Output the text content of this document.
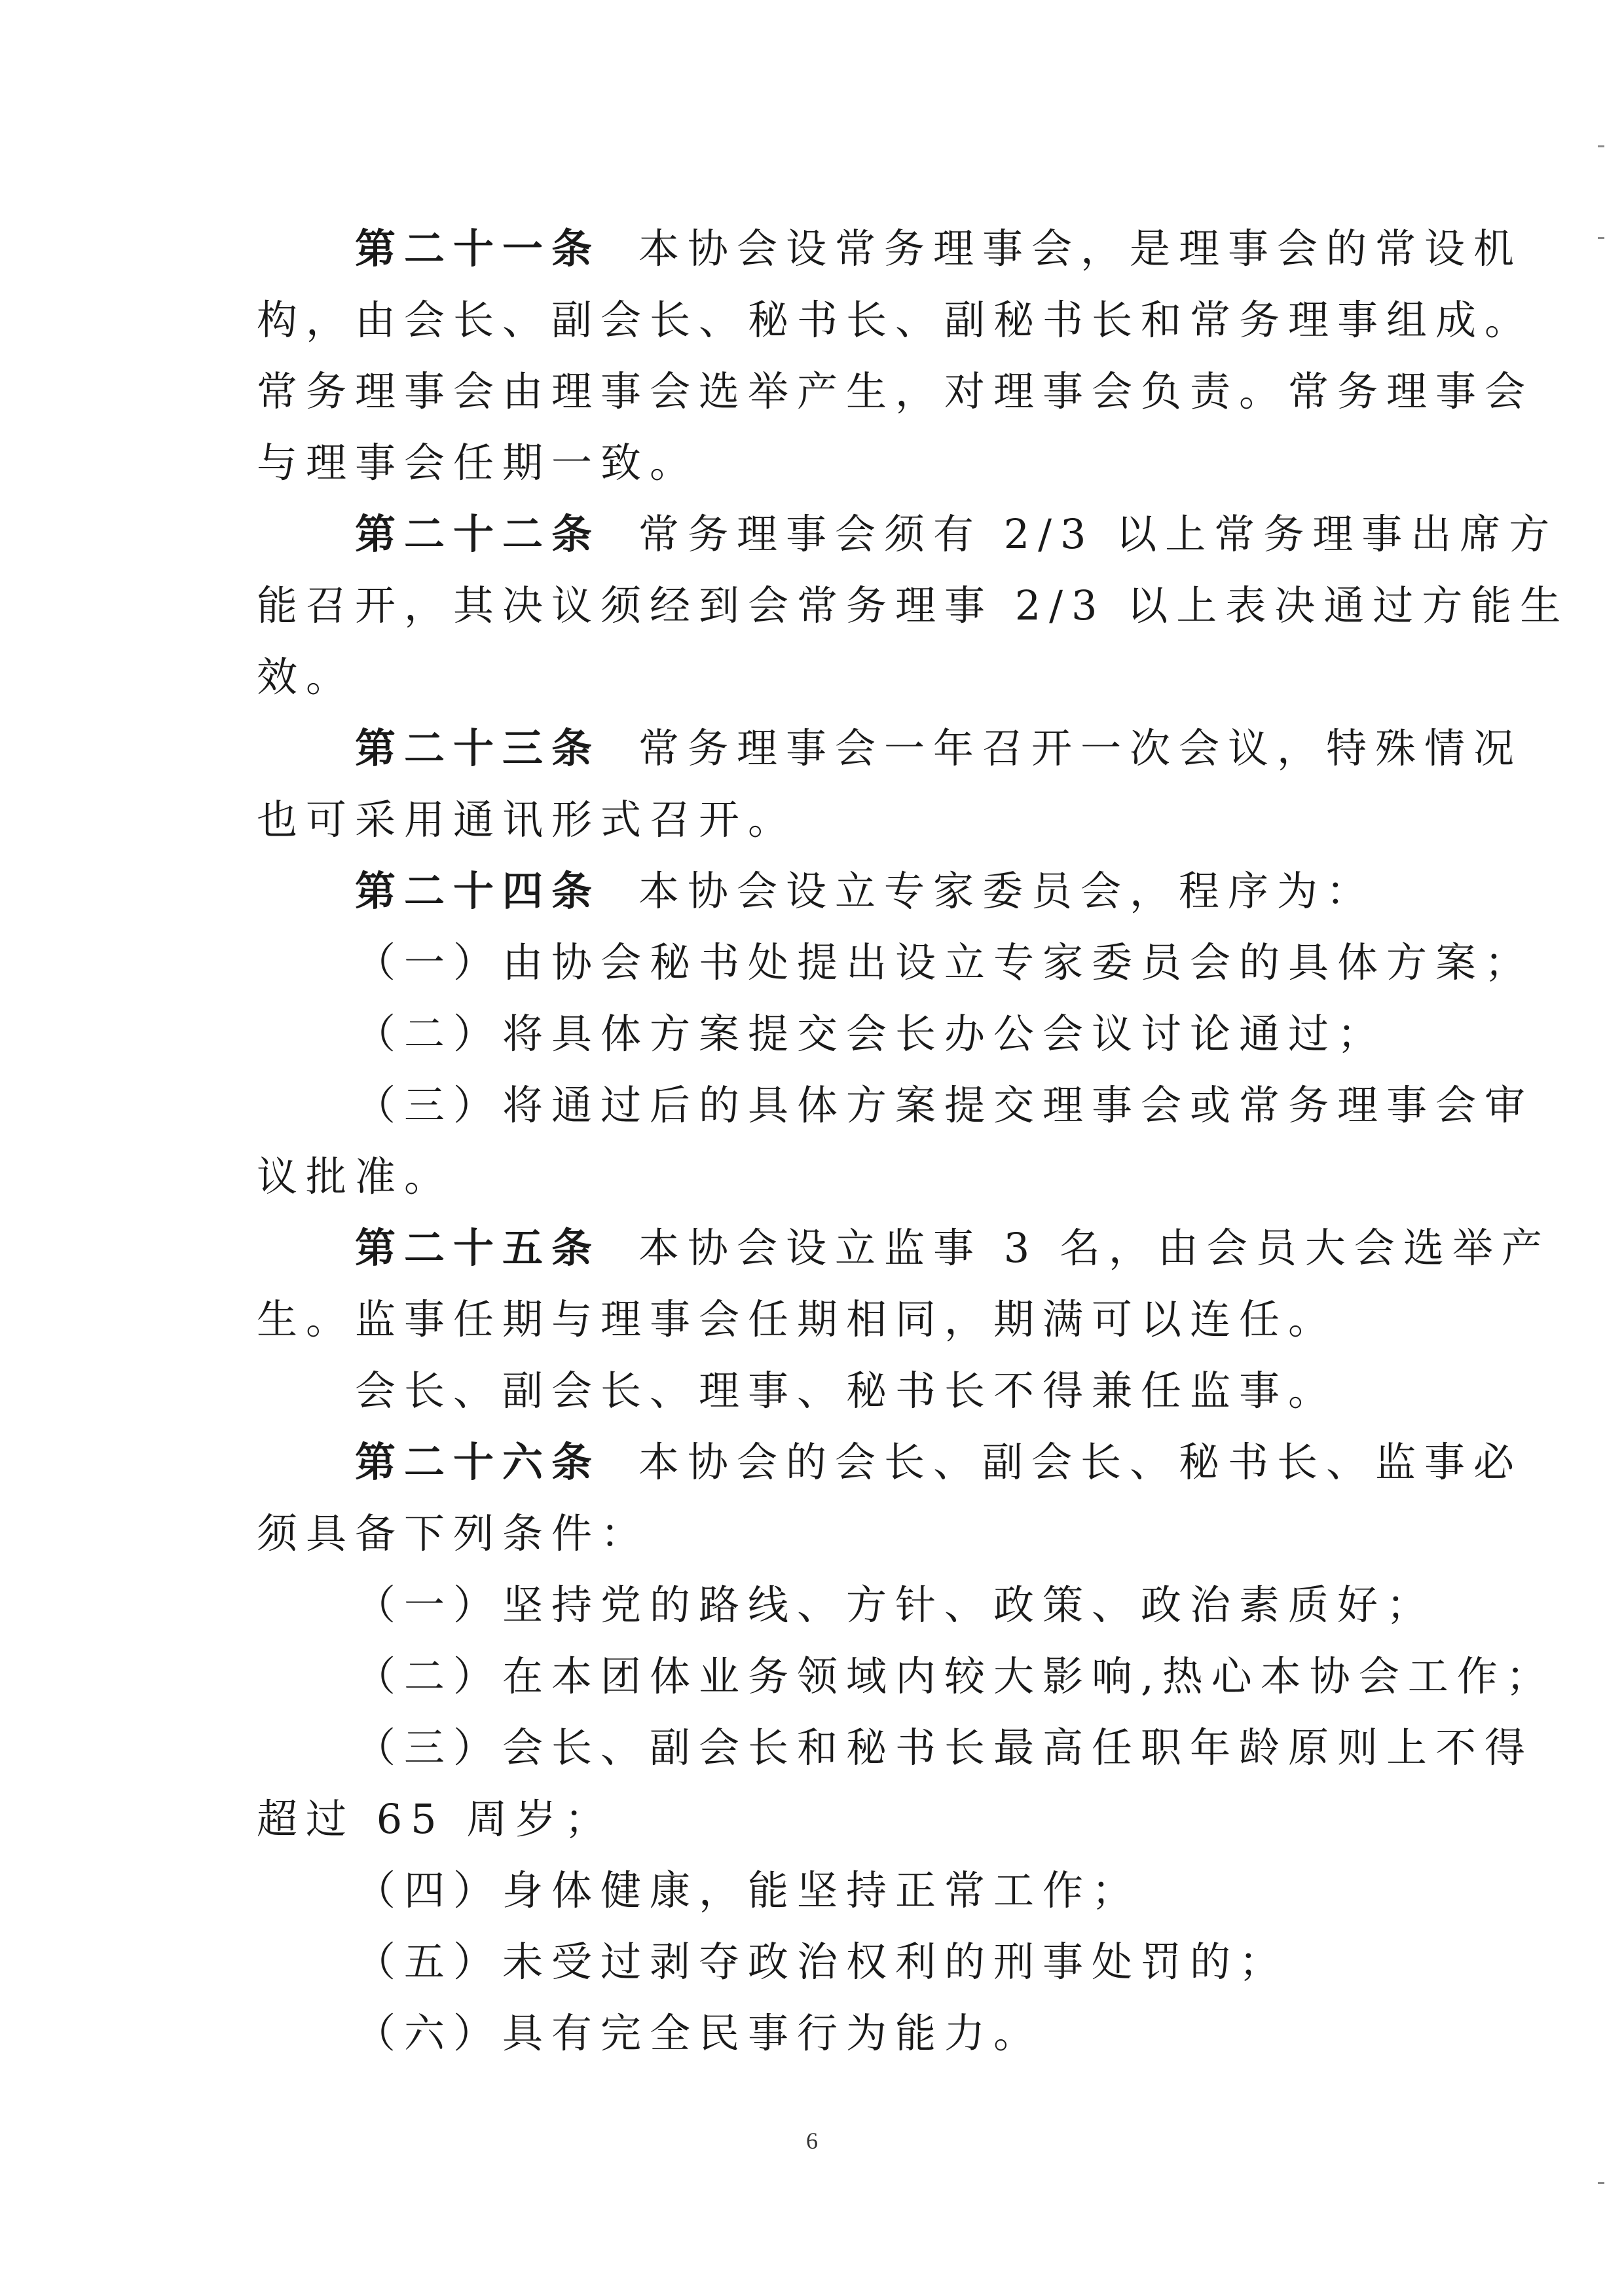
第二十一条 本协会设常务理事会，是理事会的常设机
构，由会长、副会长、秘书长、副秘书长和常务理事组成。
常务理事会由理事会选举产生，对理事会负责。常务理事会
与理事会任期一致。
第二十二条 常务理事会须有 2/3 以上常务理事出席方
能召开，其决议须经到会常务理事 2/3 以上表决通过方能生
效。
第二十三条 常务理事会一年召开一次会议，特殊情况
也可采用通讯形式召开。
第二十四条 本协会设立专家委员会，程序为：
（一）由协会秘书处提出设立专家委员会的具体方案；
（二）将具体方案提交会长办公会议讨论通过；
（三）将通过后的具体方案提交理事会或常务理事会审
议批准。
第二十五条 本协会设立监事 3 名，由会员大会选举产
生。监事任期与理事会任期相同，期满可以连任。
会长、副会长、理事、秘书长不得兼任监事。
第二十六条 本协会的会长、副会长、秘书长、监事必
须具备下列条件：
（一）坚持党的路线、方针、政策、政治素质好；
（二）在本团体业务领域内较大影响,热心本协会工作；
（三）会长、副会长和秘书长最高任职年龄原则上不得
超过 65 周岁；
（四）身体健康，能坚持正常工作；
（五）未受过剥夺政治权利的刑事处罚的；
（六）具有完全民事行为能力。
6
